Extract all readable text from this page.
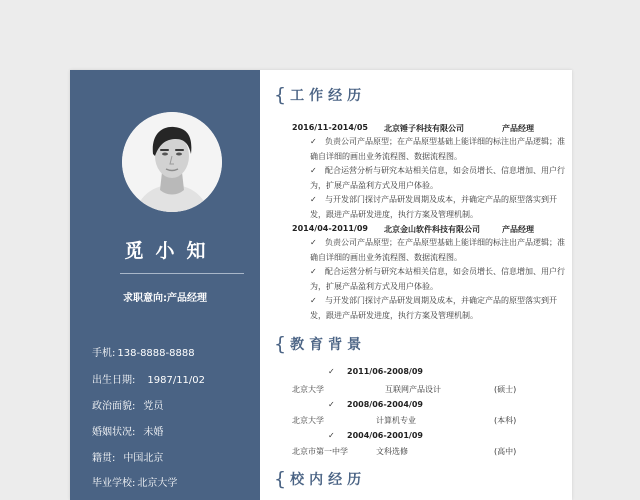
觅小知
求职意向:产品经理
手机: 138-8888-8888
出生日期: 1987/11/02
政治面貌: 党员
婚姻状况: 未婚
籍贯: 中国北京
毕业学校: 北京大学
{ 工作经历
2016/11-2014/05 北京锤子科技有限公司	产品经理
✓ 负责公司产品原型；在产品原型基础上能详细的标注出产品逻辑；准确自详细的画出业务流程图、数据流程图。
✓ 配合运营分析与研究本站相关信息，如会员增长、信息增加、用户行为，扩展产品盈利方式及用户体验。
✓ 与开发部门探讨产品研发周期及成本，并确定产品的原型落实到开发，跟进产品研发进度，执行方案及管理机制。
2014/04-2011/09 北京金山软件科技有限公司	产品经理
✓ 负责公司产品原型；在产品原型基础上能详细的标注出产品逻辑；准确自详细的画出业务流程图、数据流程图。
✓ 配合运营分析与研究本站相关信息，如会员增长、信息增加、用户行为，扩展产品盈利方式及用户体验。
✓ 与开发部门探讨产品研发周期及成本，并确定产品的原型落实到开发，跟进产品研发进度，执行方案及管理机制。
{ 教育背景
✓ 2011/06-2008/09
北京大学	互联网产品设计	(硕士)
✓ 2008/06-2004/09
北京大学	计算机专业	(本科)
✓ 2004/06-2001/09
北京市第一中学	文科选修	(高中)
{ 校内经历
